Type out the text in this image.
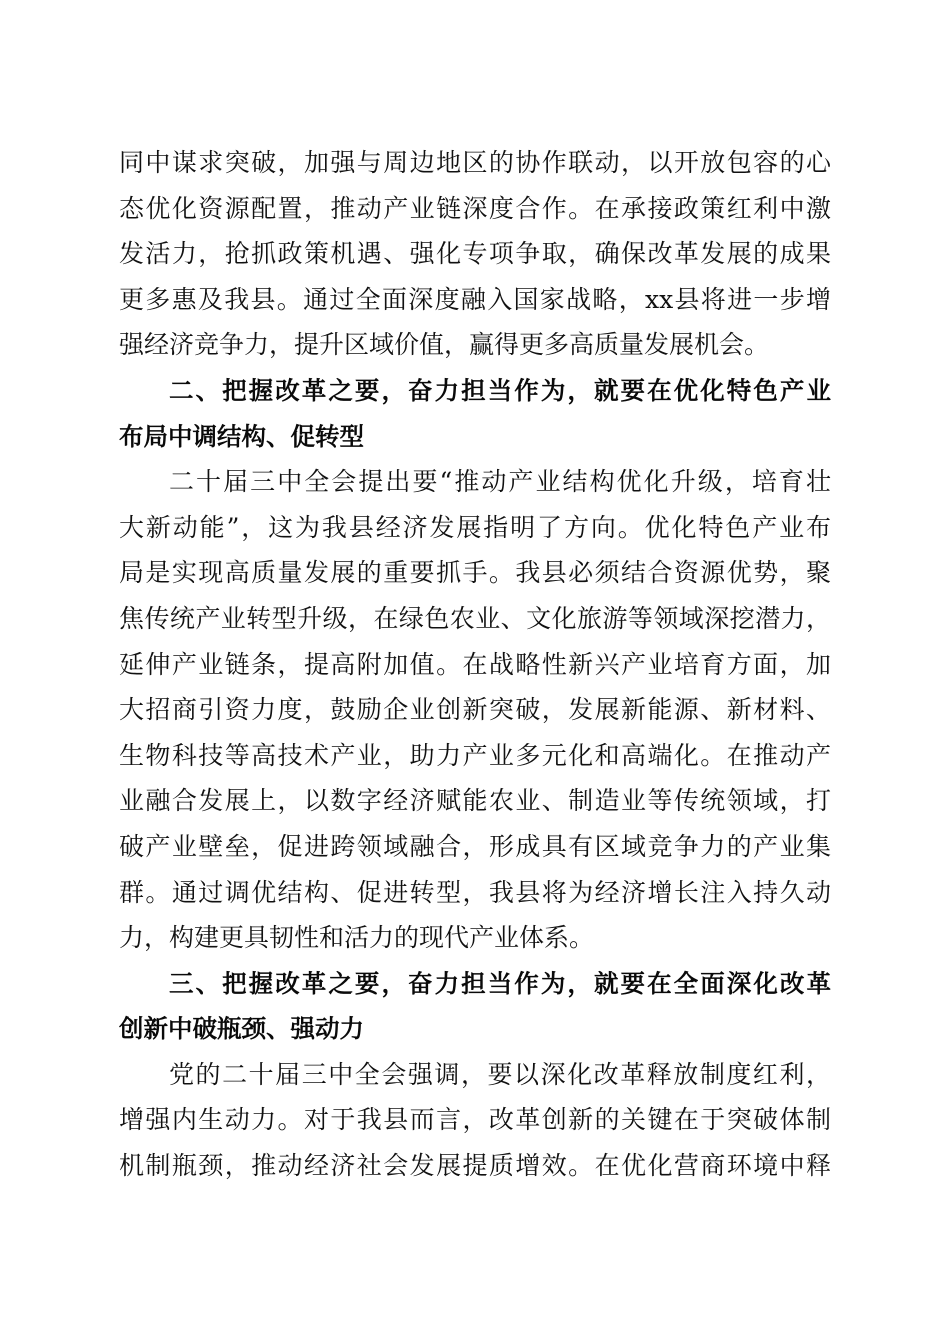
同中谋求突破，加强与周边地区的协作联动，以开放包容的心
态优化资源配置，推动产业链深度合作。在承接政策红利中激
发活力，抢抓政策机遇、强化专项争取，确保改革发展的成果
更多惠及我县。通过全面深度融入国家战略，xx县将进一步增
强经济竞争力，提升区域价值，赢得更多高质量发展机会。
二、把握改革之要，奋力担当作为，就要在优化特色产业
布局中调结构、促转型
二十届三中全会提出要“推动产业结构优化升级，培育壮
大新动能”，这为我县经济发展指明了方向。优化特色产业布
局是实现高质量发展的重要抓手。我县必须结合资源优势，聚
焦传统产业转型升级，在绿色农业、文化旅游等领域深挖潜力，
延伸产业链条，提高附加值。在战略性新兴产业培育方面，加
大招商引资力度，鼓励企业创新突破，发展新能源、新材料、
生物科技等高技术产业，助力产业多元化和高端化。在推动产
业融合发展上，以数字经济赋能农业、制造业等传统领域，打
破产业壁垒，促进跨领域融合，形成具有区域竞争力的产业集
群。通过调优结构、促进转型，我县将为经济增长注入持久动
力，构建更具韧性和活力的现代产业体系。
三、把握改革之要，奋力担当作为，就要在全面深化改革
创新中破瓶颈、强动力
党的二十届三中全会强调，要以深化改革释放制度红利，
增强内生动力。对于我县而言，改革创新的关键在于突破体制
机制瓶颈，推动经济社会发展提质增效。在优化营商环境中释
